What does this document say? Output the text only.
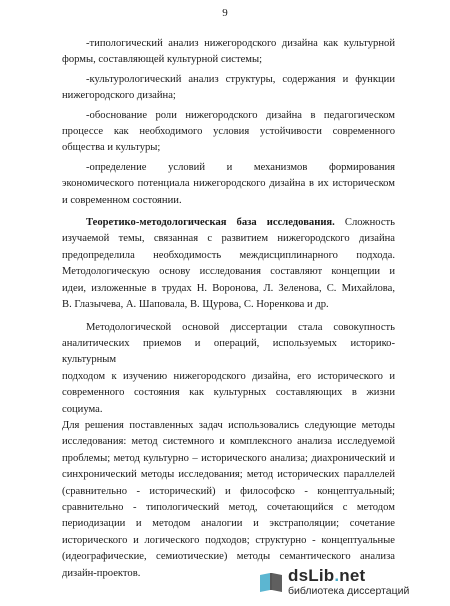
9

-типологический анализ нижегородского дизайна как культурной
формы, составляющей культурной системы;

-культурологический анализ структуры, содержания и функции
нижегородского дизайна;

-обоснование роли нижегородского дизайна в педагогическом
процессе как необходимого условия устойчивости современного
общества и культуры;

-определение условий и механизмов формирования
экономического потенциала нижегородского дизайна в их историческом
и современном состоянии.

Теоретико-методологическая база исследования. Сложность
изучаемой темы, связанная с развитием нижегородского дизайна
предопределила необходимость междисциплинарного подхода.
Методологическую основу исследования составляют концепции и
идеи, изложенные в трудах Н. Воронова, Л. Зеленова, С. Михайлова,
В. Глазычева, А. Шаповала, В. Щурова, С. Норенкова и др.

Методологической основой диссертации стала совокупность
аналитических приемов и операций, используемых историко-культурным
подходом к изучению нижегородского дизайна, его исторического и
современного состояния как культурных составляющих в жизни социума.
Для решения поставленных задач использовались следующие методы
исследования: метод системного и комплексного анализа исследуемой
проблемы; метод культурно – исторического анализа; диахронический и
синхронический методы исследования; метод исторических параллелей
(сравнительно - исторический) и философско - концептуальный;
сравнительно - типологический метод, сочетающийся с методом
периодизации и методом аналогии и экстраполяции; сочетание
исторического и логического подходов; структурно - концептуальные
(идеографические, семиотические) методы семантического анализа
дизайн-проектов.	dsLib.net
библиотека диссертаций
